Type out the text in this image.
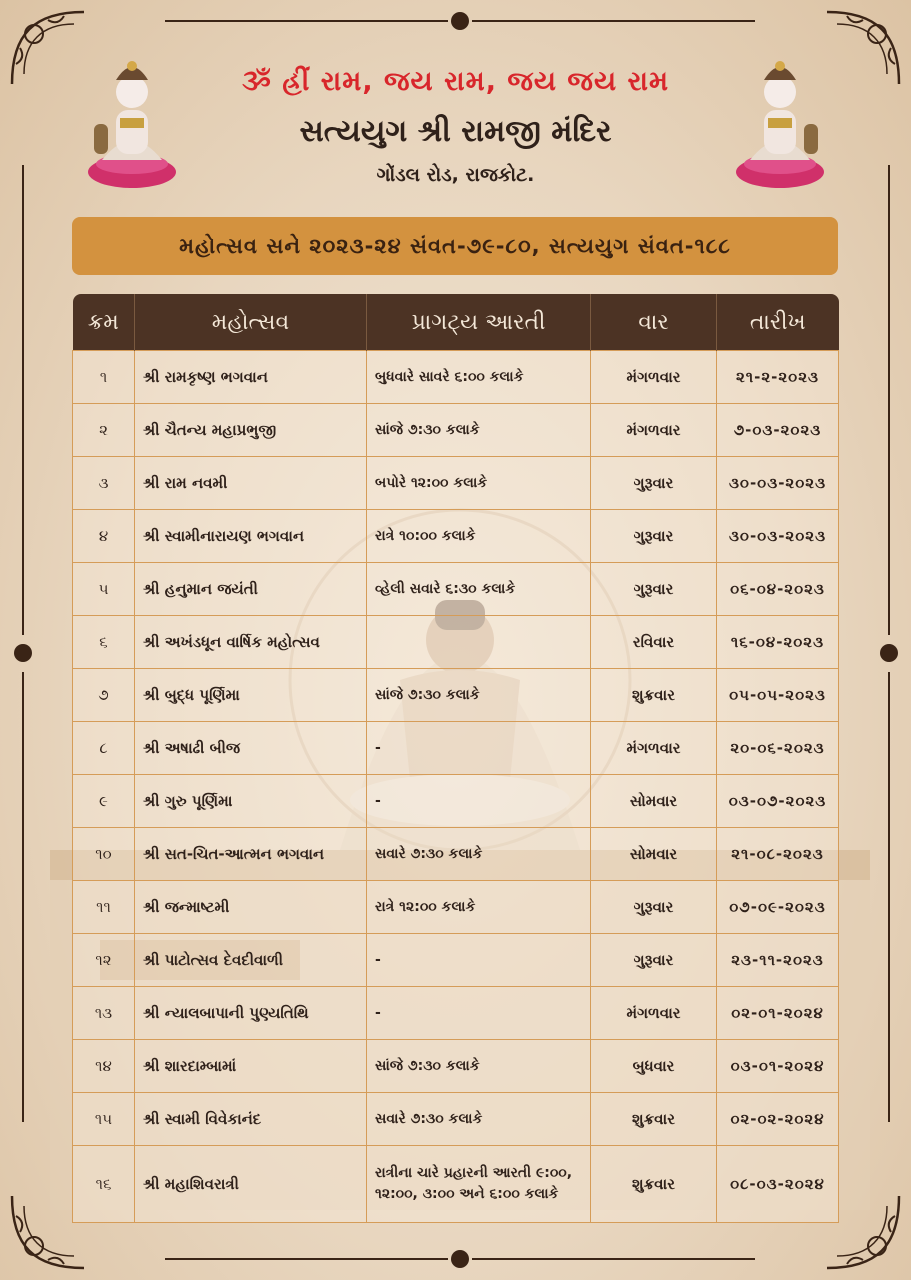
ૐ હ્રીં રામ, જય રામ, જય જય રામ
સત્યયુગ શ્રી રામજી મંદિર
ગોંડલ રોડ, રાજકોટ.
મહોત્સવ સને ૨૦૨૩-૨૪ સંવત-૭૯-૮૦, સત્યયુગ સંવત-૧૮૮
ક્રમ	મહોત્સવ	પ્રાગટ્ય આરતી	વાર	તારીખ
૧	શ્રી રામકૃષ્ણ ભગવાન	બુધવારે સાવરે ૬:૦૦ કલાકે	મંગળવાર	૨૧-૨-૨૦૨૩
૨	શ્રી ચૈતન્ય મહાપ્રભુજી	સાંજે ૭:૩૦ કલાકે	મંગળવાર	૭-૦૩-૨૦૨૩
૩	શ્રી રામ નવમી	બપોરે ૧૨:૦૦ કલાકે	ગુરૂવાર	૩૦-૦૩-૨૦૨૩
૪	શ્રી સ્વામીનારાયણ ભગવાન	રાત્રે ૧૦:૦૦ કલાકે	ગુરૂવાર	૩૦-૦૩-૨૦૨૩
૫	શ્રી હનુમાન જયંતી	વ્હેલી સવારે ૬:૩૦ કલાકે	ગુરૂવાર	૦૬-૦૪-૨૦૨૩
૬	શ્રી અખંડધૂન વાર્ષિક મહોત્સવ		રવિવાર	૧૬-૦૪-૨૦૨૩
૭	શ્રી બુદ્ધ પૂર્ણિમા	સાંજે ૭:૩૦ કલાકે	શુક્રવાર	૦૫-૦૫-૨૦૨૩
૮	શ્રી અષાઢી બીજ	-	મંગળવાર	૨૦-૦૬-૨૦૨૩
૯	શ્રી ગુરુ પૂર્ણિમા	-	સોમવાર	૦૩-૦૭-૨૦૨૩
૧૦	શ્રી સત-ચિત-આત્મન ભગવાન	સવારે ૭:૩૦ કલાકે	સોમવાર	૨૧-૦૮-૨૦૨૩
૧૧	શ્રી જન્માષ્ટમી	રાત્રે ૧૨:૦૦ કલાકે	ગુરૂવાર	૦૭-૦૯-૨૦૨૩
૧૨	શ્રી પાટોત્સવ દેવદીવાળી	-	ગુરૂવાર	૨૩-૧૧-૨૦૨૩
૧૩	શ્રી ન્યાલબાપાની પુણ્યતિથિ	-	મંગળવાર	૦૨-૦૧-૨૦૨૪
૧૪	શ્રી શારદામ્બામાં	સાંજે ૭:૩૦ કલાકે	બુધવાર	૦૩-૦૧-૨૦૨૪
૧૫	શ્રી સ્વામી વિવેકાનંદ	સવારે ૭:૩૦ કલાકે	શુક્રવાર	૦૨-૦૨-૨૦૨૪
૧૬	શ્રી મહાશિવરાત્રી	રાત્રીના ચારે પ્રહારની આરતી ૯:૦૦, ૧૨:૦૦, ૩:૦૦ અને ૬:૦૦ કલાકે	શુક્રવાર	૦૮-૦૩-૨૦૨૪
